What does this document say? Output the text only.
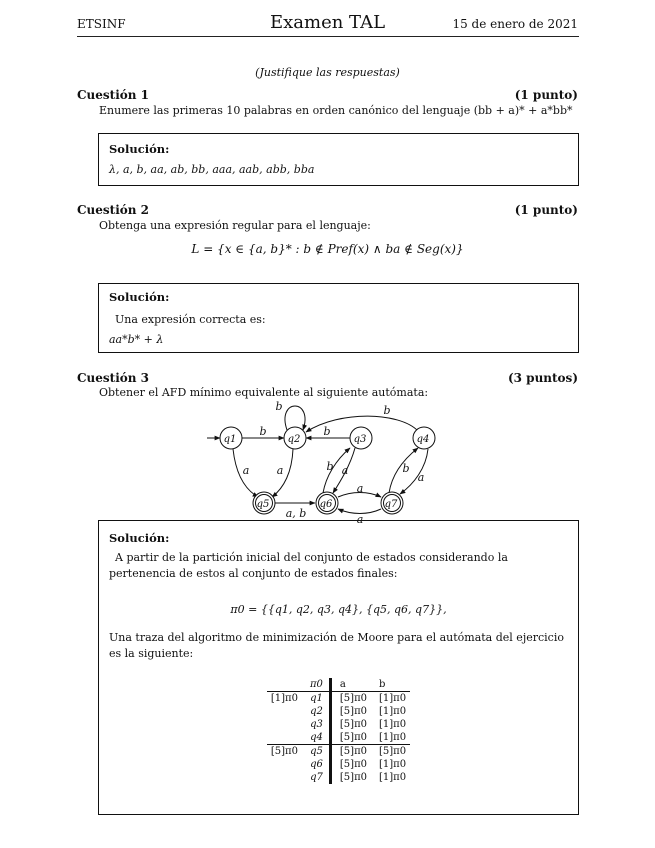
ETSINF	Examen TAL	15 de enero de 2021
(Justifique las respuestas)
Cuestión 1	(1 punto)
Enumere las primeras 10 palabras en orden canónico del lenguaje (bb + a)* + a*bb*
Solución:
λ, a, b, aa, ab, bb, aaa, aab, abb, bba
Cuestión 2	(1 punto)
Obtenga una expresión regular para el lenguaje:
L = {x ∈ {a, b}* : b ∉ Pref(x) ∧ ba ∉ Seg(x)}
Solución:
Una expresión correcta es:
aa*b* + λ
Cuestión 3	(3 puntos)
Obtener el AFD mínimo equivalente al siguiente autómata:
q1	q2	q3	q4
q5	q6	q7
b
b	b
b
a a	b a	b
a
a
a
a, b
Solución:
A partir de la partición inicial del conjunto de estados considerando la pertenencia de estos al conjunto de estados finales:
π0 = {{q1, q2, q3, q4}, {q5, q6, q7}},
Una traza del algoritmo de minimización de Moore para el autómata del ejercicio es la siguiente:
	π0	a	b
[1]π0	q1	[5]π0	[1]π0
	q2	[5]π0	[1]π0
	q3	[5]π0	[1]π0
	q4	[5]π0	[1]π0
[5]π0	q5	[5]π0	[5]π0
	q6	[5]π0	[1]π0
	q7	[5]π0	[1]π0
